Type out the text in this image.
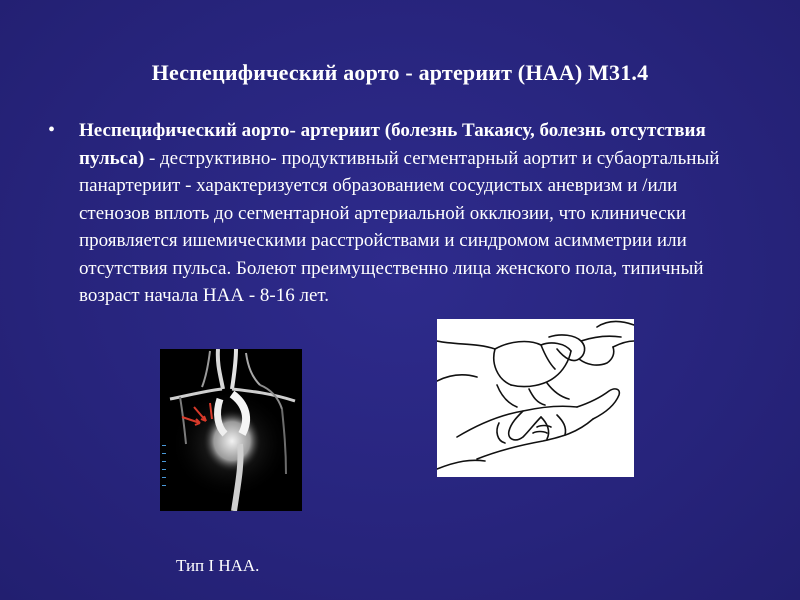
Неспецифический аорто - артериит (НАА) М31.4
• Неспецифический аорто- артериит (болезнь Такаясу, болезнь отсутствия пульса) - деструктивно- продуктивный сегментарный аортит и субаортальный панартериит - характеризуется образованием сосудистых аневризм и /или стенозов вплоть до сегментарной артериальной окклюзии, что клинически проявляется ишемическими расстройствами и синдромом асимметрии или отсутствия пульса. Болеют преимущественно лица женского пола, типичный возраст начала НАА - 8-16 лет.
Тип I НАА.
